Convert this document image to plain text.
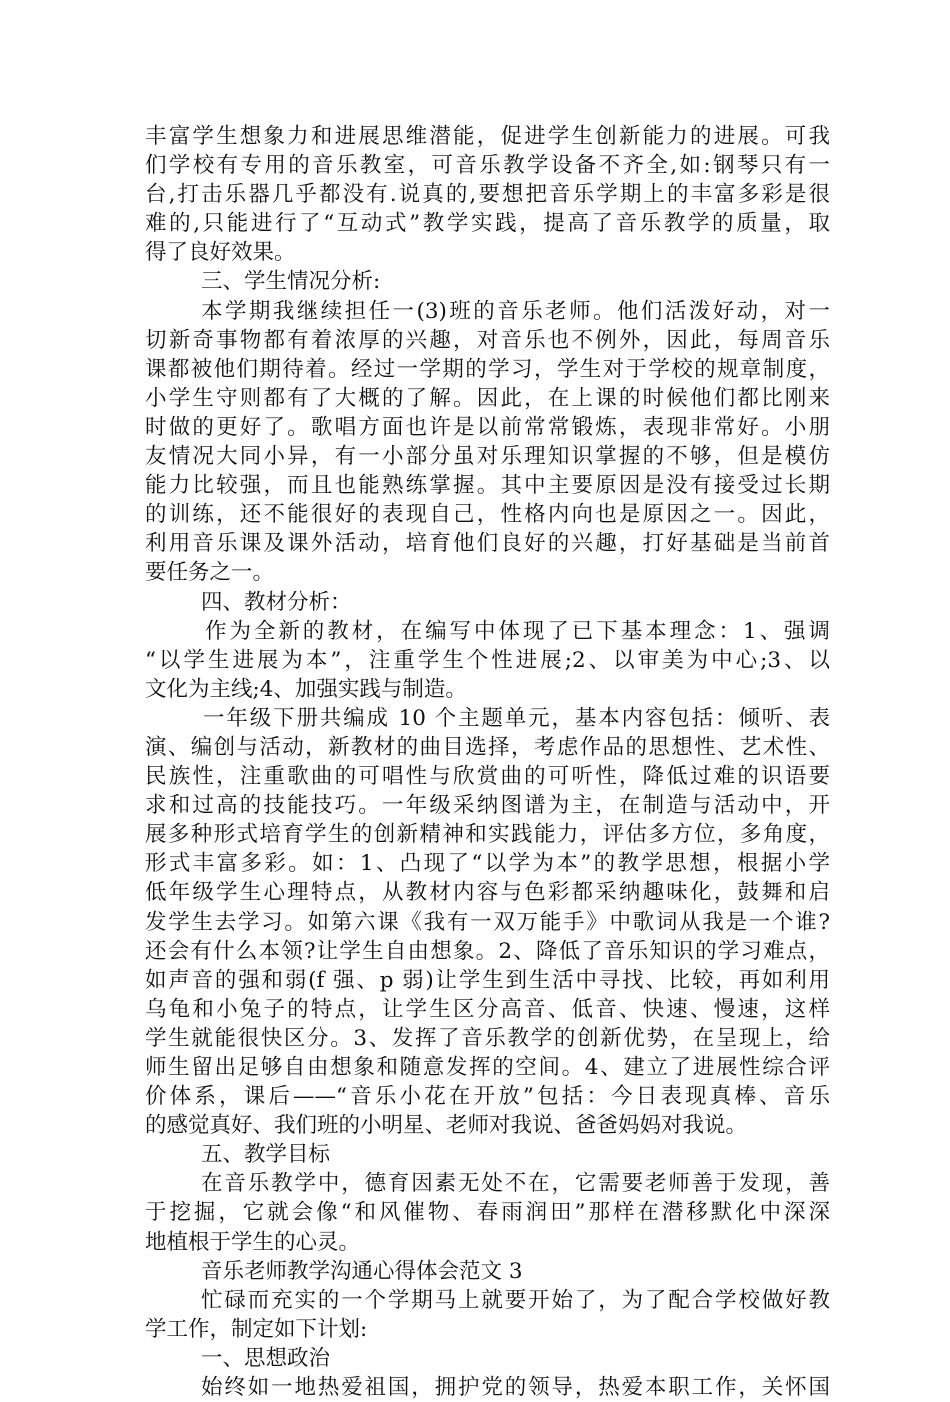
丰富学生想象力和进展思维潜能，促进学生创新能力的进展。可我
们学校有专用的音乐教室，可音乐教学设备不齐全,如:钢琴只有一
台,打击乐器几乎都没有.说真的,要想把音乐学期上的丰富多彩是很
难的,只能进行了“互动式”教学实践，提高了音乐教学的质量，取
得了良好效果。
三、学生情况分析:
本学期我继续担任一(3)班的音乐老师。他们活泼好动，对一
切新奇事物都有着浓厚的兴趣，对音乐也不例外，因此，每周音乐
课都被他们期待着。经过一学期的学习，学生对于学校的规章制度，
小学生守则都有了大概的了解。因此，在上课的时候他们都比刚来
时做的更好了。歌唱方面也许是以前常常锻炼，表现非常好。小朋
友情况大同小异，有一小部分虽对乐理知识掌握的不够，但是模仿
能力比较强，而且也能熟练掌握。其中主要原因是没有接受过长期
的训练，还不能很好的表现自己，性格内向也是原因之一。因此，
利用音乐课及课外活动，培育他们良好的兴趣，打好基础是当前首
要任务之一。
四、教材分析：
作为全新的教材，在编写中体现了已下基本理念：1、强调
“以学生进展为本”，注重学生个性进展;2、以审美为中心;3、以
文化为主线;4、加强实践与制造。
一年级下册共编成 10 个主题单元，基本内容包括：倾听、表
演、编创与活动，新教材的曲目选择，考虑作品的思想性、艺术性、
民族性，注重歌曲的可唱性与欣赏曲的可听性，降低过难的识语要
求和过高的技能技巧。一年级采纳图谱为主，在制造与活动中，开
展多种形式培育学生的创新精神和实践能力，评估多方位，多角度，
形式丰富多彩。如：1、凸现了“以学为本”的教学思想，根据小学
低年级学生心理特点，从教材内容与色彩都采纳趣味化，鼓舞和启
发学生去学习。如第六课《我有一双万能手》中歌词从我是一个谁?
还会有什么本领?让学生自由想象。2、降低了音乐知识的学习难点，
如声音的强和弱(f 强、p 弱)让学生到生活中寻找、比较，再如利用
乌龟和小兔子的特点，让学生区分高音、低音、快速、慢速，这样
学生就能很快区分。3、发挥了音乐教学的创新优势，在呈现上，给
师生留出足够自由想象和随意发挥的空间。4、建立了进展性综合评
价体系，课后——“音乐小花在开放”包括：今日表现真棒、音乐
的感觉真好、我们班的小明星、老师对我说、爸爸妈妈对我说。
五、教学目标
在音乐教学中，德育因素无处不在，它需要老师善于发现，善
于挖掘，它就会像“和风催物、春雨润田”那样在潜移默化中深深
地植根于学生的心灵。
音乐老师教学沟通心得体会范文 3
忙碌而充实的一个学期马上就要开始了，为了配合学校做好教
学工作，制定如下计划:
一、思想政治
始终如一地热爱祖国，拥护党的领导，热爱本职工作，关怀国
